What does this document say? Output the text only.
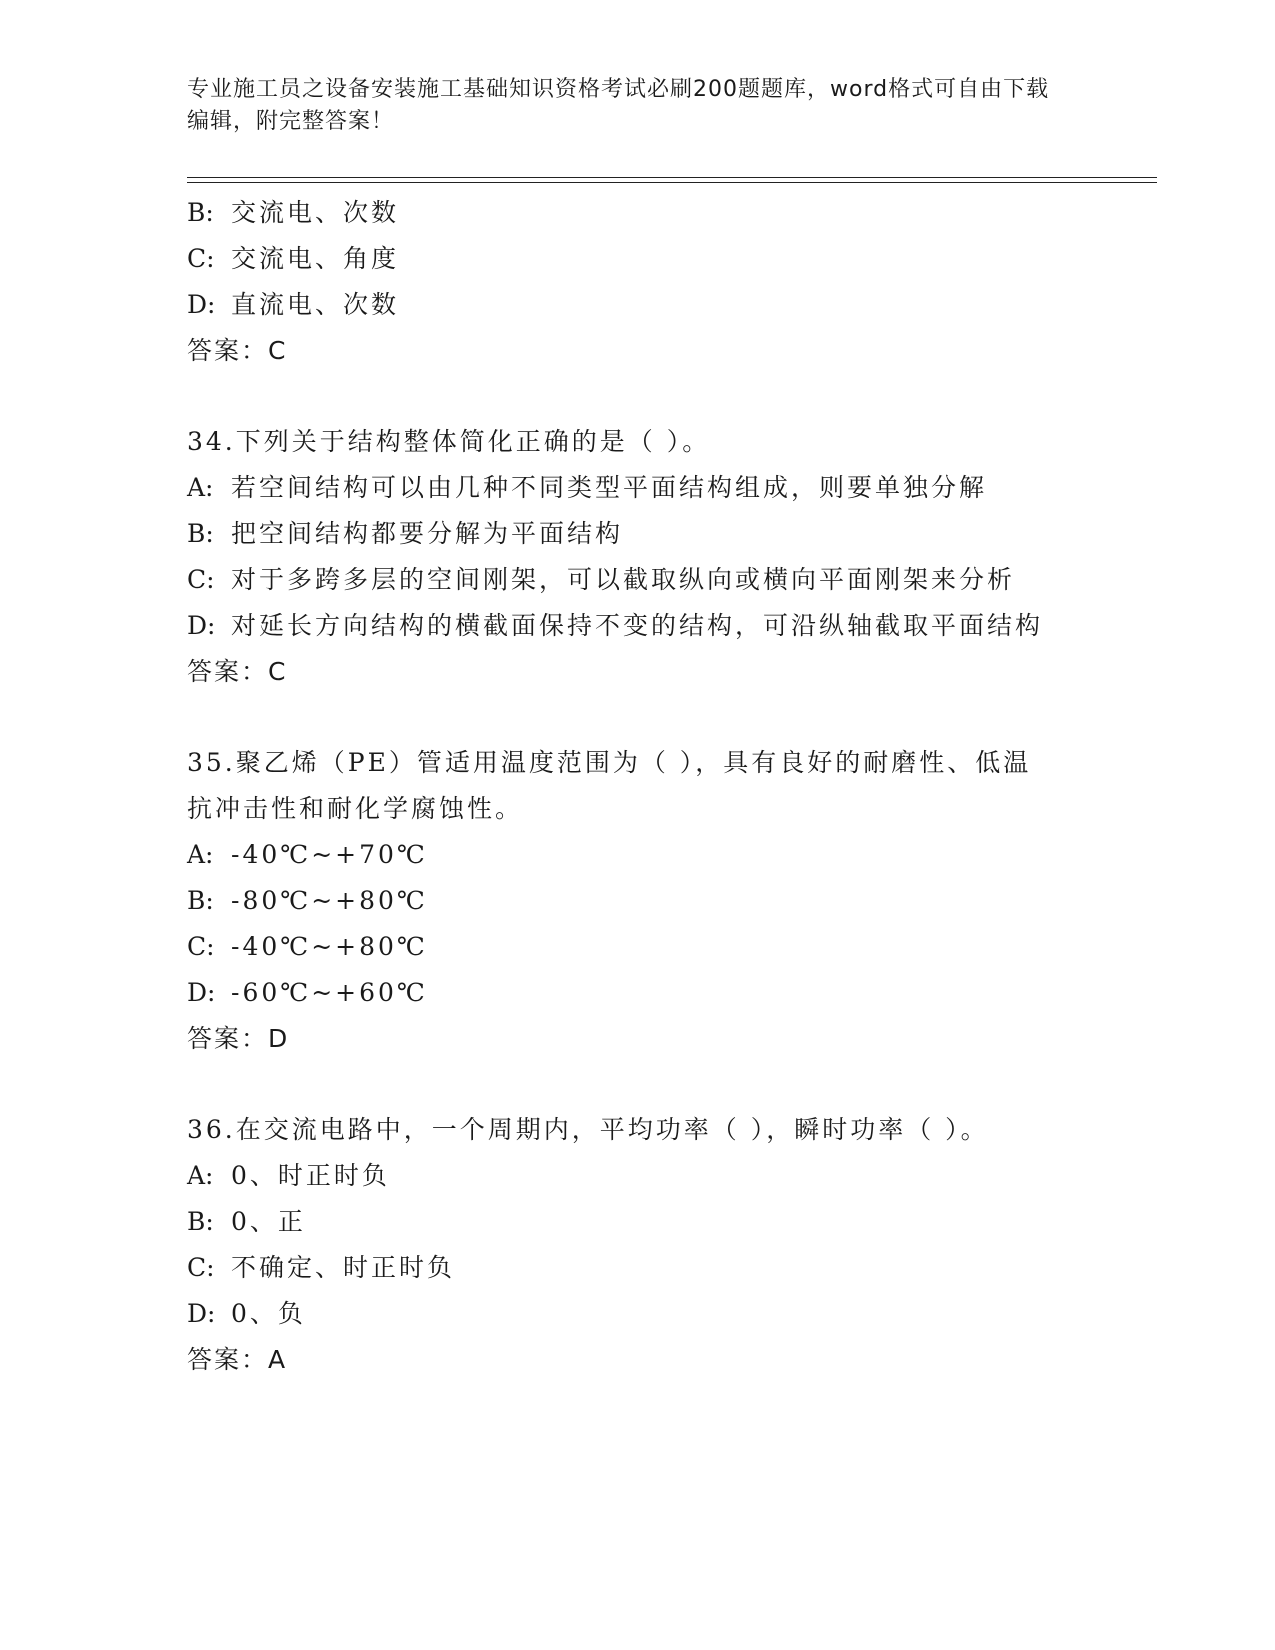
专业施工员之设备安装施工基础知识资格考试必刷200题题库，word格式可自由下载编辑，附完整答案！
B: 交流电、次数
C: 交流电、角度
D: 直流电、次数
答案：C
34.下列关于结构整体简化正确的是（ ）。
A: 若空间结构可以由几种不同类型平面结构组成，则要单独分解
B: 把空间结构都要分解为平面结构
C: 对于多跨多层的空间刚架，可以截取纵向或横向平面刚架来分析
D: 对延长方向结构的横截面保持不变的结构，可沿纵轴截取平面结构
答案：C
35.聚乙烯（PE）管适用温度范围为（ ），具有良好的耐磨性、低温
抗冲击性和耐化学腐蚀性。
A: -40℃~+70℃
B: -80℃~+80℃
C: -40℃~+80℃
D: -60℃~+60℃
答案：D
36.在交流电路中，一个周期内，平均功率（ ），瞬时功率（ ）。
A: 0、时正时负
B: 0、正
C: 不确定、时正时负
D: 0、负
答案：A
